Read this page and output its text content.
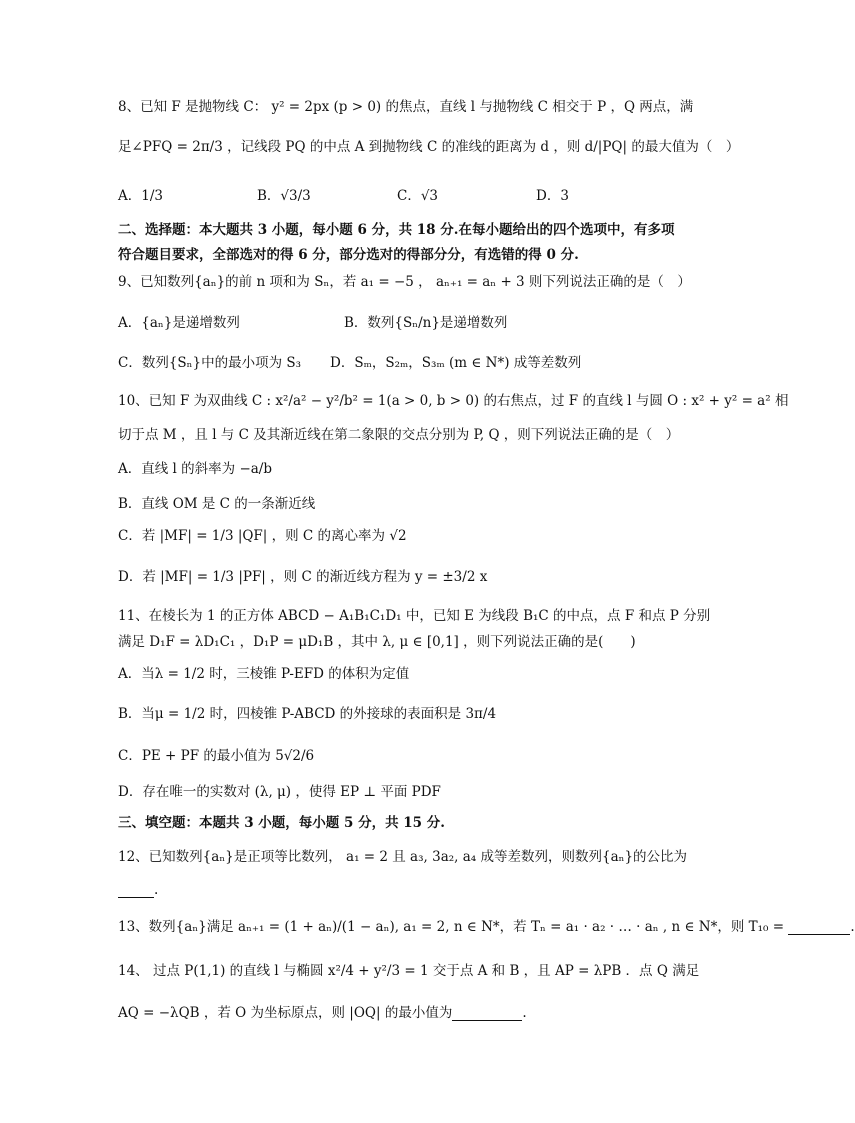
8、已知 F 是抛物线 C： y² = 2px (p > 0) 的焦点，直线 l 与抛物线 C 相交于 P ，Q 两点，满
足∠PFQ = 2π/3 ，记线段 PQ 的中点 A 到抛物线 C 的准线的距离为 d ，则 d/|PQ| 的最大值为（　）
A．1/3	B．√3/3	C．√3	D．3
二、选择题：本大题共 3 小题，每小题 6 分，共 18 分.在每小题给出的四个选项中，有多项
符合题目要求，全部选对的得 6 分，部分选对的得部分分，有选错的得 0 分.
9、已知数列{aₙ}的前 n 项和为 Sₙ，若 a₁ = −5 ， aₙ₊₁ = aₙ + 3 则下列说法正确的是（　）
A．{aₙ}是递增数列	B．数列{Sₙ/n}是递增数列
C．数列{Sₙ}中的最小项为 S₃ D．Sₘ，S₂ₘ，S₃ₘ (m ∈ N*) 成等差数列
10、已知 F 为双曲线 C : x²/a² − y²/b² = 1(a > 0, b > 0) 的右焦点，过 F 的直线 l 与圆 O : x² + y² = a² 相
切于点 M ，且 l 与 C 及其渐近线在第二象限的交点分别为 P, Q ，则下列说法正确的是（　）
A．直线 l 的斜率为 −a/b
B．直线 OM 是 C 的一条渐近线
C．若 |MF| = 1/3 |QF| ，则 C 的离心率为 √2
D．若 |MF| = 1/3 |PF| ，则 C 的渐近线方程为 y = ±3/2 x
11、在棱长为 1 的正方体 ABCD − A₁B₁C₁D₁ 中，已知 E 为线段 B₁C 的中点，点 F 和点 P 分别
满足 D₁F = λD₁C₁ ，D₁P = μD₁B ，其中 λ, μ ∈ [0,1] ，则下列说法正确的是(　　)
A．当λ = 1/2 时，三棱锥 P-EFD 的体积为定值
B．当μ = 1/2 时，四棱锥 P-ABCD 的外接球的表面积是 3π/4
C．PE + PF 的最小值为 5√2/6
D．存在唯一的实数对 (λ, μ) ，使得 EP ⊥ 平面 PDF
三、填空题：本题共 3 小题，每小题 5 分，共 15 分.
12、已知数列{aₙ}是正项等比数列， a₁ = 2 且 a₃, 3a₂, a₄ 成等差数列，则数列{aₙ}的公比为
.
13、数列{aₙ}满足 aₙ₊₁ = (1 + aₙ)/(1 − aₙ), a₁ = 2, n ∈ N*，若 Tₙ = a₁ · a₂ · … · aₙ , n ∈ N*，则 T₁₀ =	.
14、 过点 P(1,1) 的直线 l 与椭圆 x²/4 + y²/3 = 1 交于点 A 和 B ，且 AP = λPB ．点 Q 满足
AQ = −λQB ，若 O 为坐标原点，则 |OQ| 的最小值为	.
